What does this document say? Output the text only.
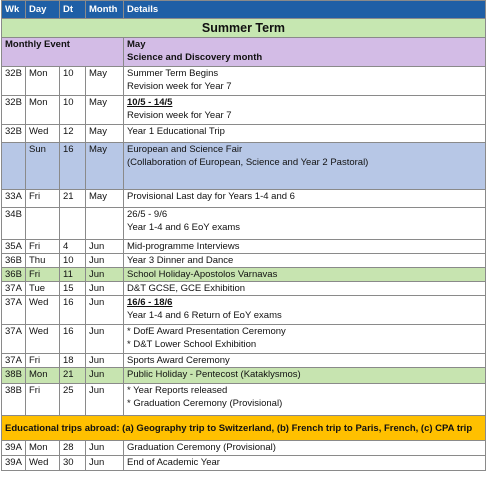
Wk	Day	Dt	Month	Details
Summer Term				
Monthly Event				May
Science and Discovery month

32B	Mon	10	May	Summer Term Begins
Revision week for Year 7

32B	Mon	10	May	10/5 - 14/5
Revision week for Year 7

32B	Wed	12	May	Year 1 Educational Trip

	Sun	16	May	European and Science Fair
(Collaboration of European, Science and Year 2 Pastoral)

33A	Fri	21	May	Provisional Last day for Years 1-4 and 6

34B				26/5 - 9/6
Year 1-4 and 6 EoY exams

35A	Fri	4	Jun	Mid-programme Interviews

36B	Thu	10	Jun	Year 3 Dinner and Dance

36B	Fri	11	Jun	School Holiday-Apostolos Varnavas

37A	Tue	15	Jun	D&T GCSE, GCE Exhibition

37A	Wed	16	Jun	16/6 - 18/6
Year 1-4 and 6 Return of EoY exams

37A	Wed	16	Jun	* DofE Award Presentation Ceremony
* D&T Lower School Exhibition

37A	Fri	18	Jun	Sports Award Ceremony

38B	Mon	21	Jun	Public Holiday - Pentecost (Kataklysmos)

38B	Fri	25	Jun	* Year Reports released
* Graduation Ceremony (Provisional)

Educational trips abroad: (a) Geography trip to Switzerland, (b) French trip to Paris, French, (c) CPA trip				
39A	Mon	28	Jun	Graduation Ceremony (Provisional)

39A	Wed	30	Jun	End of Academic Year
